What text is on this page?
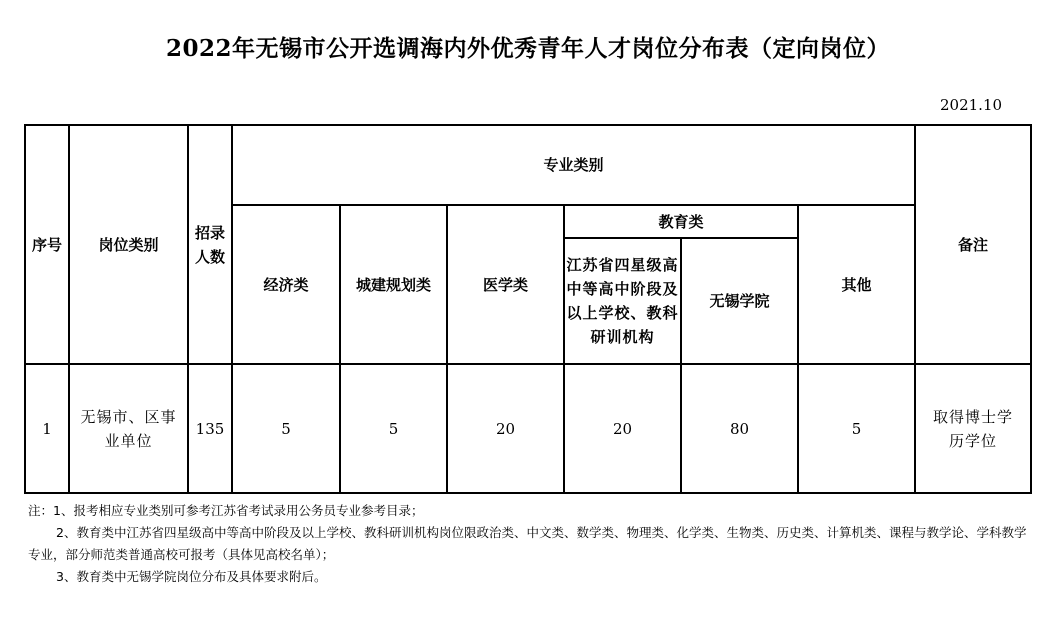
2022年无锡市公开选调海内外优秀青年人才岗位分布表（定向岗位）
2021.10
序号	岗位类别	招录人数	专业类别						备注
			经济类	城建规划类	医学类	教育类		其他	
						江苏省四星级高中等高中阶段及以上学校、教科研训机构	无锡学院		
1	无锡市、区事业单位	135	5	5	20	20	80	5	取得博士学历学位

注：1、报考相应专业类别可参考江苏省考试录用公务员专业参考目录；

2、教育类中江苏省四星级高中等高中阶段及以上学校、教科研训机构岗位限政治类、中文类、数学类、物理类、化学类、生物类、历史类、计算机类、课程与教学论、学科教学专业，部分师范类普通高校可报考（具体见高校名单）；

3、教育类中无锡学院岗位分布及具体要求附后。
